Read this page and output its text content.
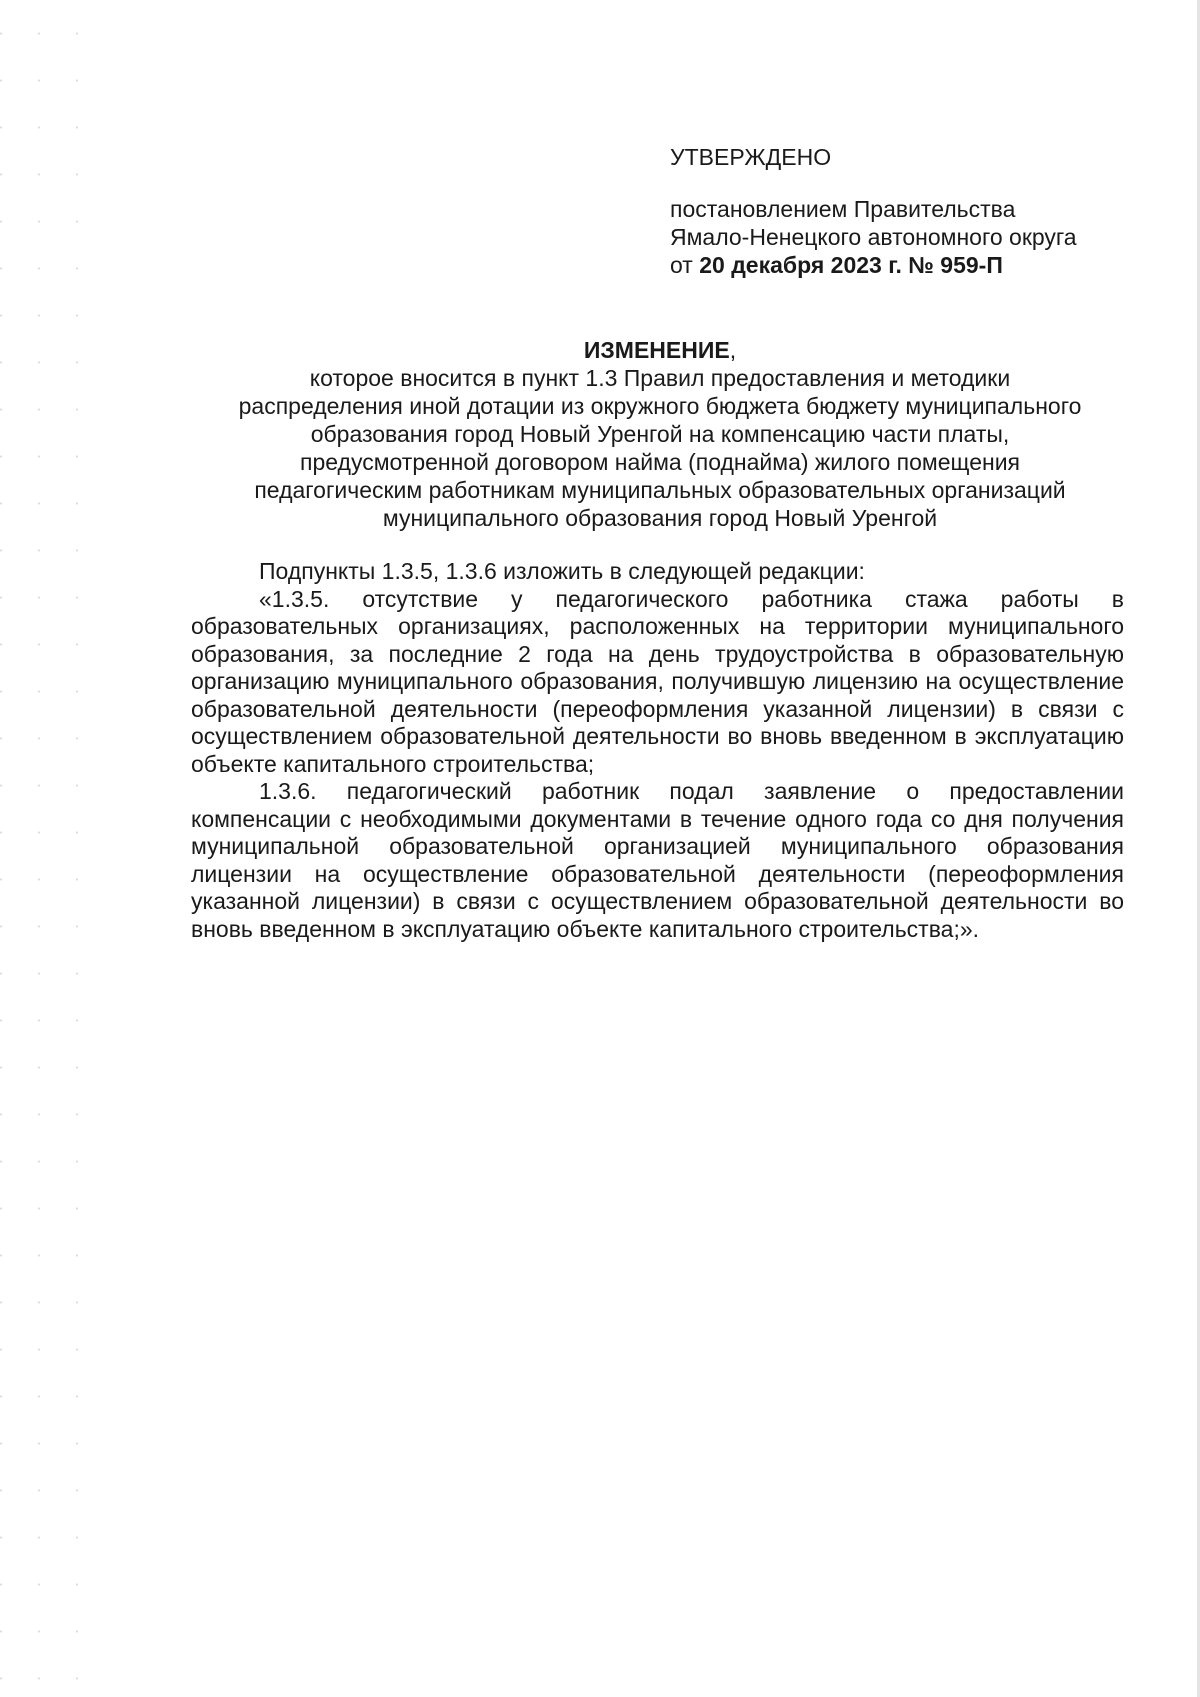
УТВЕРЖДЕНО
постановлением Правительства
Ямало-Ненецкого автономного округа
от 20 декабря 2023 г. № 959-П

ИЗМЕНЕНИЕ,

которое вносится в пункт 1.3 Правил предоставления и методики
распределения иной дотации из окружного бюджета бюджету муниципального
образования город Новый Уренгой на компенсацию части платы,
предусмотренной договором найма (поднайма) жилого помещения
педагогическим работникам муниципальных образовательных организаций
муниципального образования город Новый Уренгой

Подпункты 1.3.5, 1.3.6 изложить в следующей редакции:

«1.3.5. отсутствие у педагогического работника стажа работы в образовательных организациях, расположенных на территории муниципального образования, за последние 2 года на день трудоустройства в образовательную организацию муниципального образования, получившую лицензию на осуществление образовательной деятельности (переоформления указанной лицензии) в связи с осуществлением образовательной деятельности во вновь введенном в эксплуатацию объекте капитального строительства;

1.3.6. педагогический работник подал заявление о предоставлении компенсации с необходимыми документами в течение одного года со дня получения муниципальной образовательной организацией муниципального образования лицензии на осуществление образовательной деятельности (переоформления указанной лицензии) в связи с осуществлением образовательной деятельности во вновь введенном в эксплуатацию объекте капитального строительства;».
